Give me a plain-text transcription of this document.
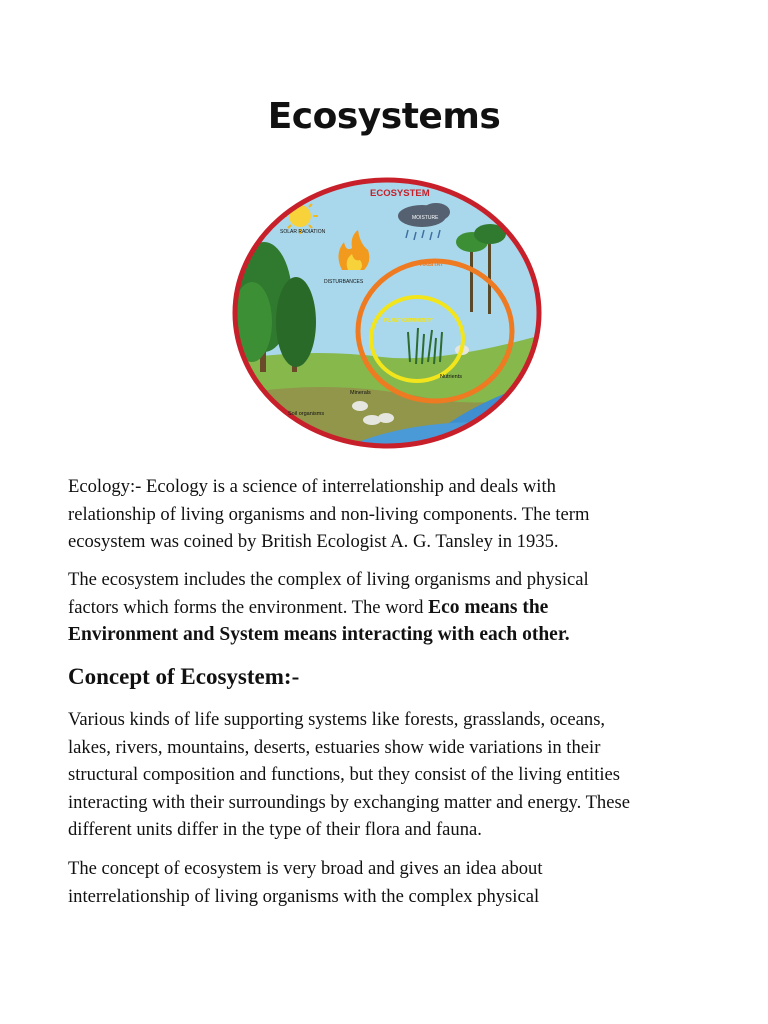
Ecosystems
ECOSYSTEM
SOLAR RADIATION
MOISTURE
DISTURBANCES
HABITAT
PLANT COMMUNITY
Nutrients
Minerals
Soil organisms

Ecology:- Ecology is a science of interrelationship and deals with
relationship of living organisms and non-living components. The term
ecosystem was coined by British Ecologist A. G. Tansley in 1935.

The ecosystem includes the complex of living organisms and physical
factors which forms the environment. The word Eco means the
Environment and System means interacting with each other.

Concept of Ecosystem:-

Various kinds of life supporting systems like forests, grasslands, oceans,
lakes, rivers, mountains, deserts, estuaries show wide variations in their
structural composition and functions, but they consist of the living entities
interacting with their surroundings by exchanging matter and energy. These
different units differ in the type of their flora and fauna.

The concept of ecosystem is very broad and gives an idea about
interrelationship of living organisms with the complex physical
